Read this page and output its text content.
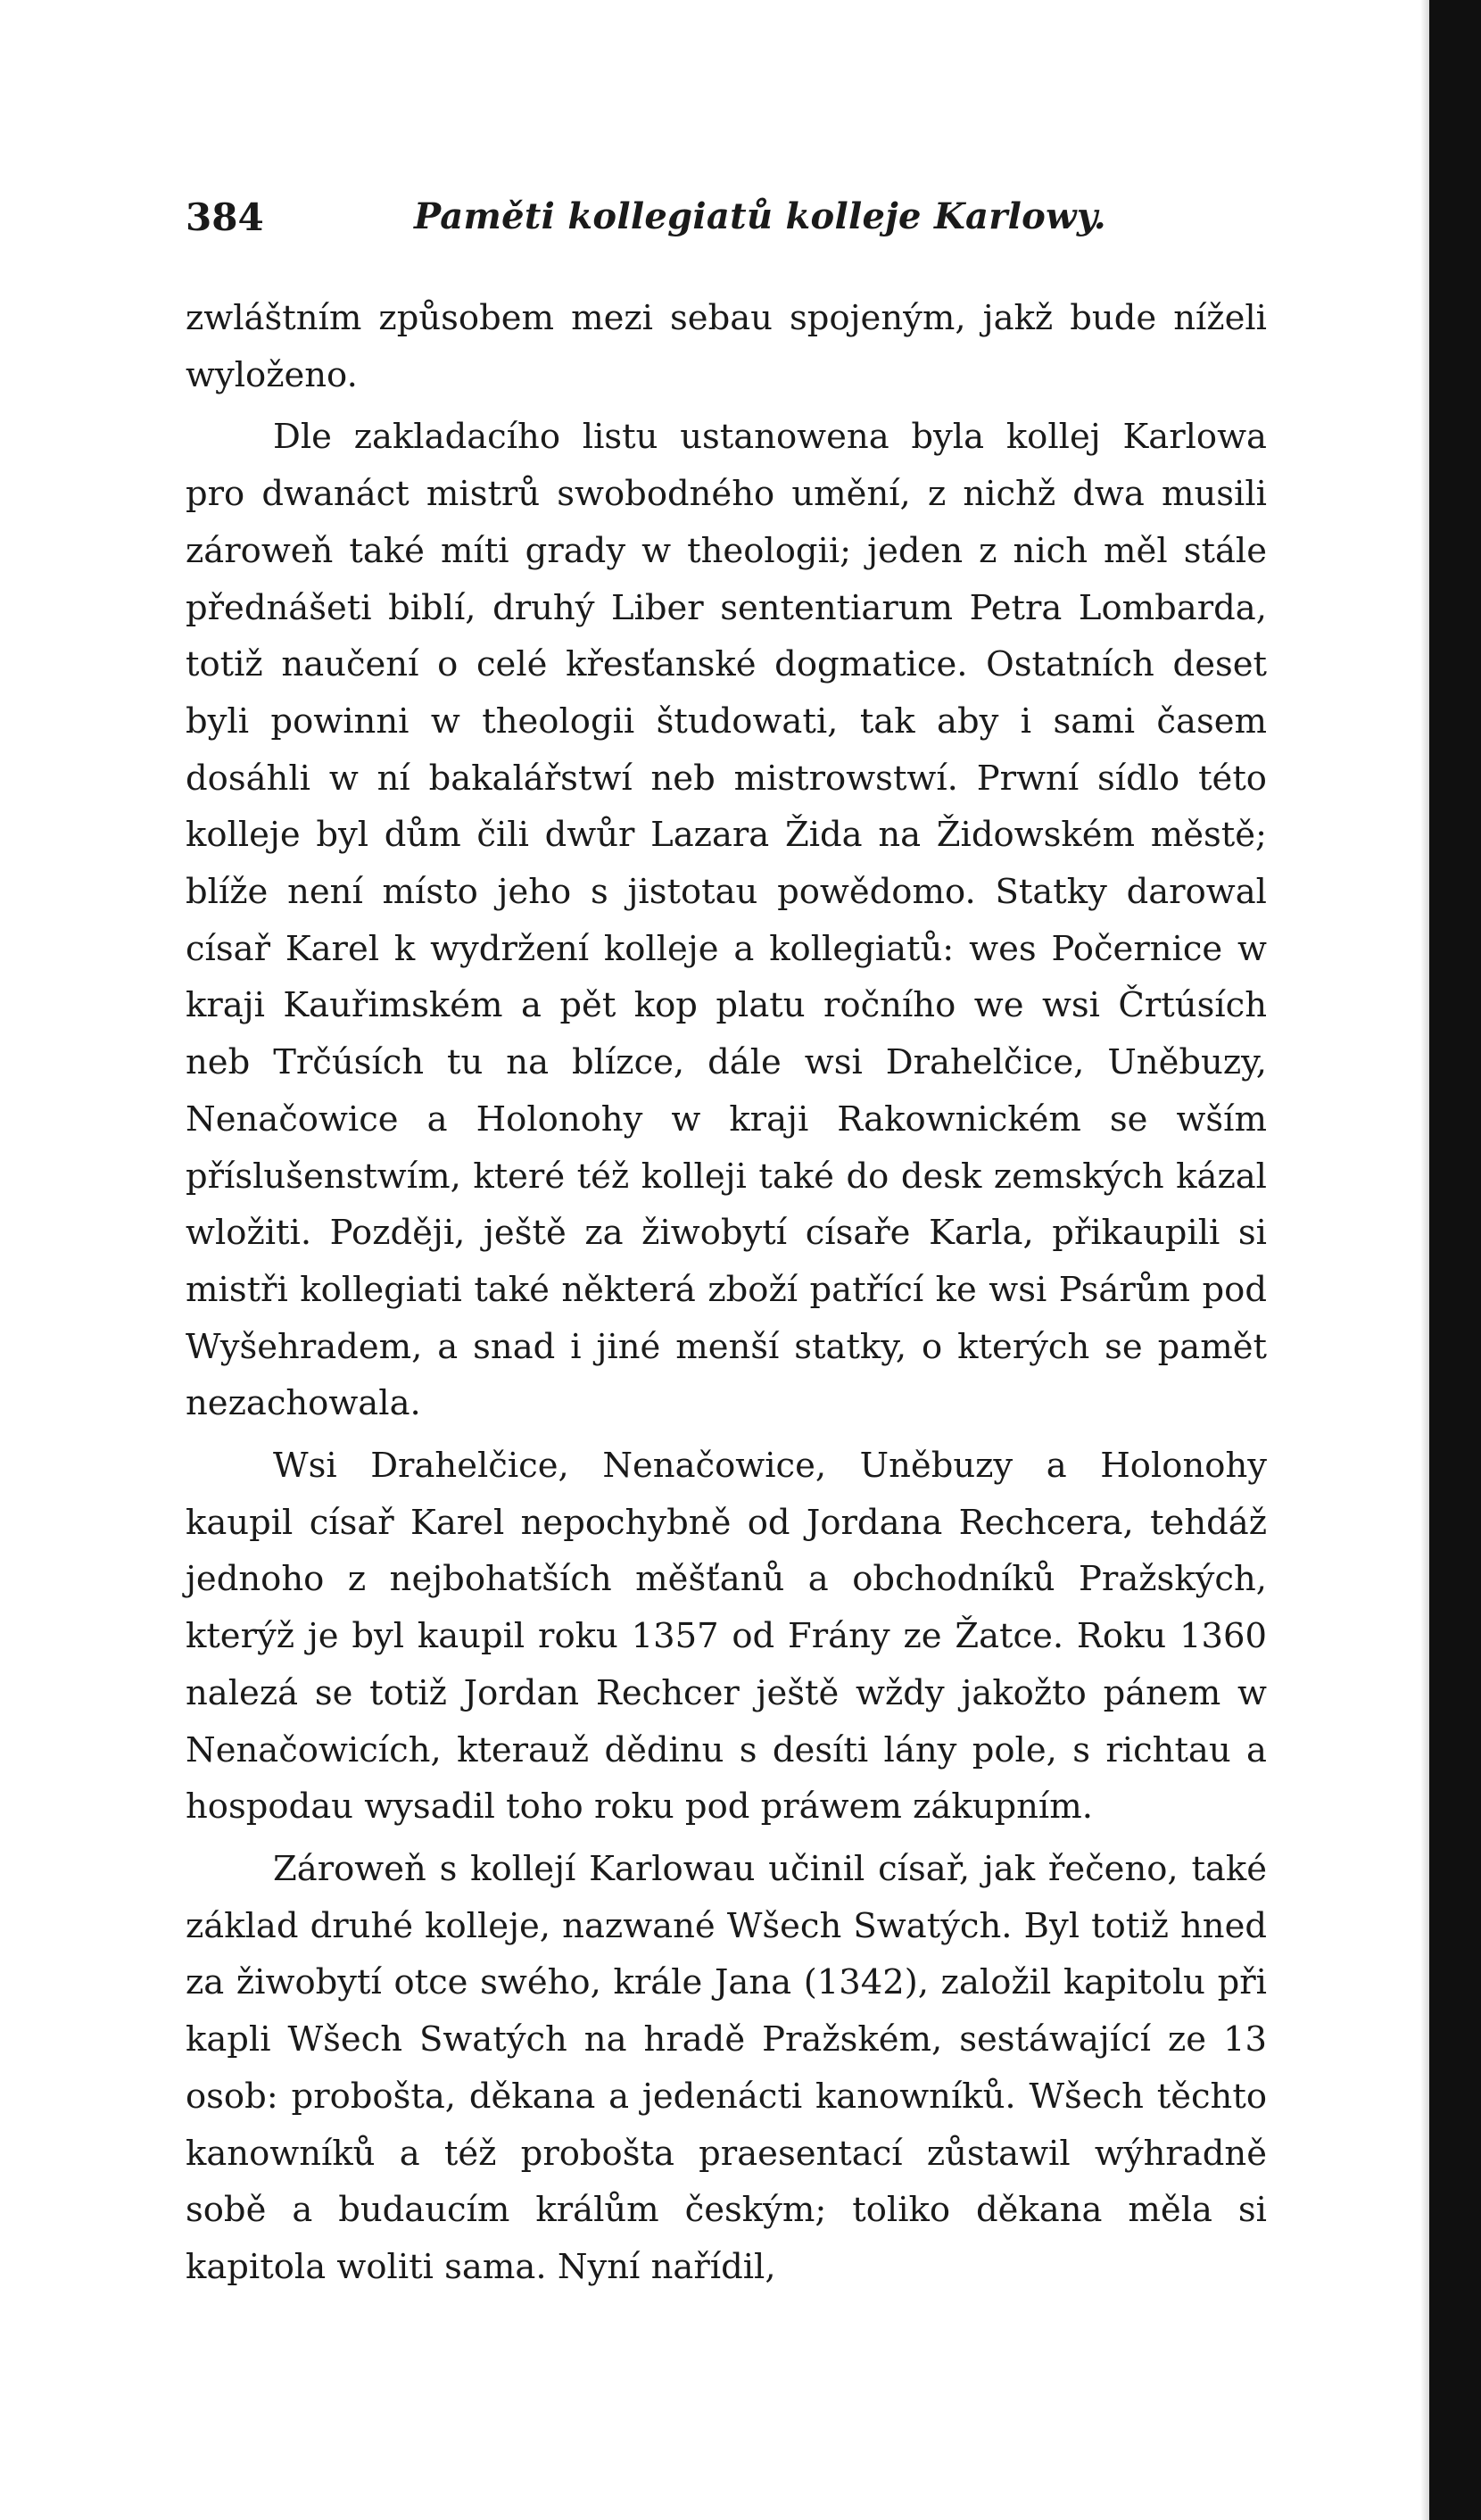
384	Paměti kollegiatů kolleje Karlowy.

zwláštním způsobem mezi sebau spojeným, jakž bude níželi wyloženo.

Dle zakladacího listu ustanowena byla kollej Karlowa pro dwanáct mistrů swobodného umění, z nichž dwa musili zároweň také míti grady w theologii; jeden z nich měl stále přednášeti biblí, druhý Liber sententiarum Petra Lombarda, totiž naučení o celé křesťanské dogmatice. Ostatních deset byli powinni w theologii študowati, tak aby i sami časem dosáhli w ní bakalářstwí neb mistrowstwí. Prwní sídlo této kolleje byl dům čili dwůr Lazara Žida na Židowském městě; blíže není místo jeho s jistotau powědomo. Statky darowal císař Karel k wydržení kolleje a kollegiatů: wes Počernice w kraji Kauřimském a pět kop platu ročního we wsi Črtúsích neb Trčúsích tu na blízce, dále wsi Drahelčice, Uněbuzy, Nenačowice a Holonohy w kraji Rakownickém se wším příslušenstwím, které též kolleji také do desk zemských kázal wložiti. Později, ještě za žiwobytí císaře Karla, přikaupili si mistři kollegiati také některá zboží patřící ke wsi Psárům pod Wyšehradem, a snad i jiné menší statky, o kterých se pamět nezachowala.

Wsi Drahelčice, Nenačowice, Uněbuzy a Holonohy kaupil císař Karel nepochybně od Jordana Rechcera, tehdáž jednoho z nejbohatších měšťanů a obchodníků Pražských, kterýž je byl kaupil roku 1357 od Frány ze Žatce. Roku 1360 nalezá se totiž Jordan Rechcer ještě wždy jakožto pánem w Nenačowicích, kterauž dědinu s desíti lány pole, s richtau a hospodau wysadil toho roku pod práwem zákupním.

Zároweň s kollejí Karlowau učinil císař, jak řečeno, také základ druhé kolleje, nazwané Wšech Swatých. Byl totiž hned za žiwobytí otce swého, krále Jana (1342), založil kapitolu při kapli Wšech Swatých na hradě Pražském, sestáwající ze 13 osob: probošta, děkana a jedenácti kanowníků. Wšech těchto kanowníků a též probošta praesentací zůstawil wýhradně sobě a budaucím králům českým; toliko děkana měla si kapitola woliti sama. Nyní nařídil,
